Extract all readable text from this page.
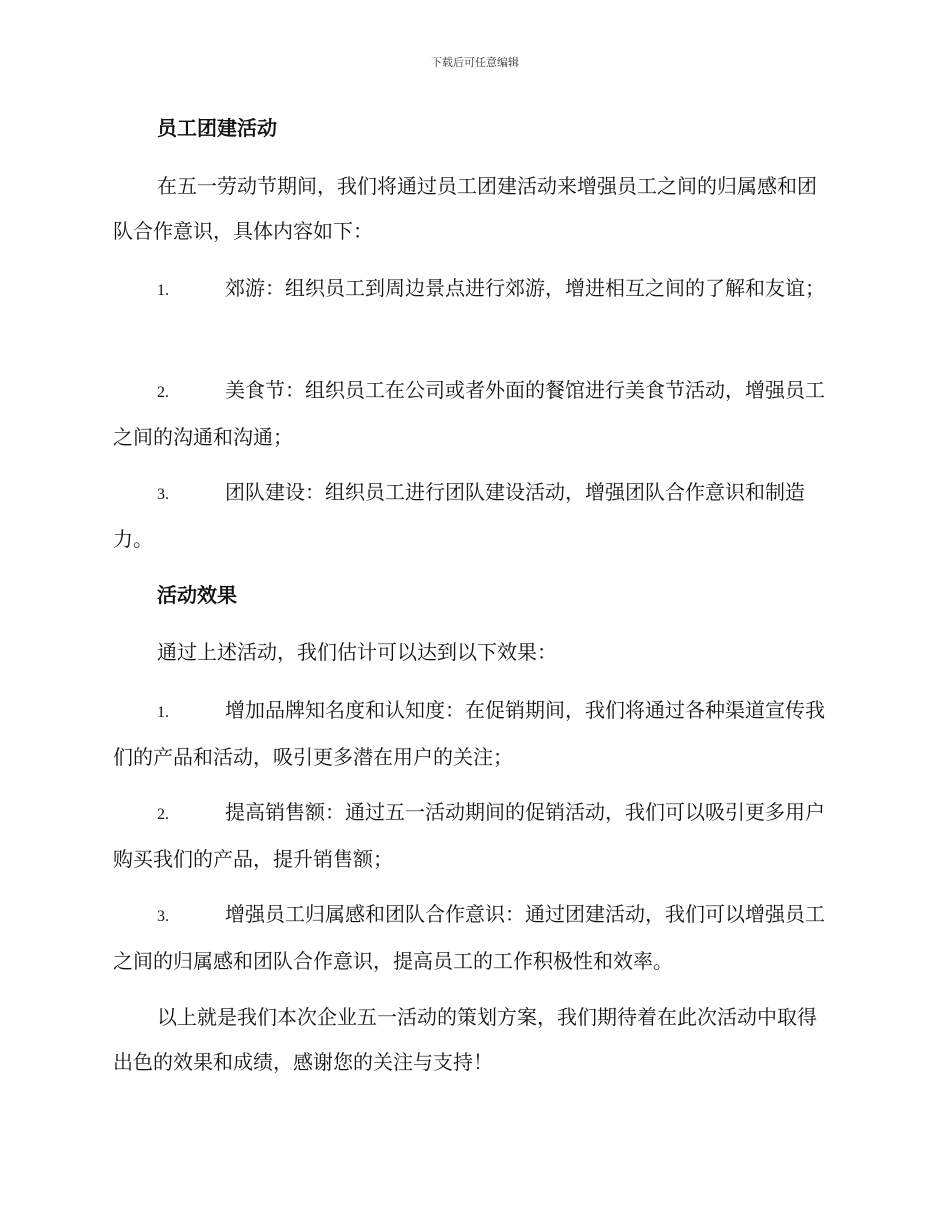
下载后可任意编辑

员工团建活动

在五一劳动节期间，我们将通过员工团建活动来增强员工之间的归属感和团队合作意识，具体内容如下：

1.	郊游：组织员工到周边景点进行郊游，增进相互之间的了解和友谊；

2.	美食节：组织员工在公司或者外面的餐馆进行美食节活动，增强员工之间的沟通和沟通；

3.	团队建设：组织员工进行团队建设活动，增强团队合作意识和制造力。

活动效果

通过上述活动，我们估计可以达到以下效果：

1.	增加品牌知名度和认知度：在促销期间，我们将通过各种渠道宣传我们的产品和活动，吸引更多潜在用户的关注；

2.	提高销售额：通过五一活动期间的促销活动，我们可以吸引更多用户购买我们的产品，提升销售额；

3.	增强员工归属感和团队合作意识：通过团建活动，我们可以增强员工之间的归属感和团队合作意识，提高员工的工作积极性和效率。

以上就是我们本次企业五一活动的策划方案，我们期待着在此次活动中取得出色的效果和成绩，感谢您的关注与支持！
